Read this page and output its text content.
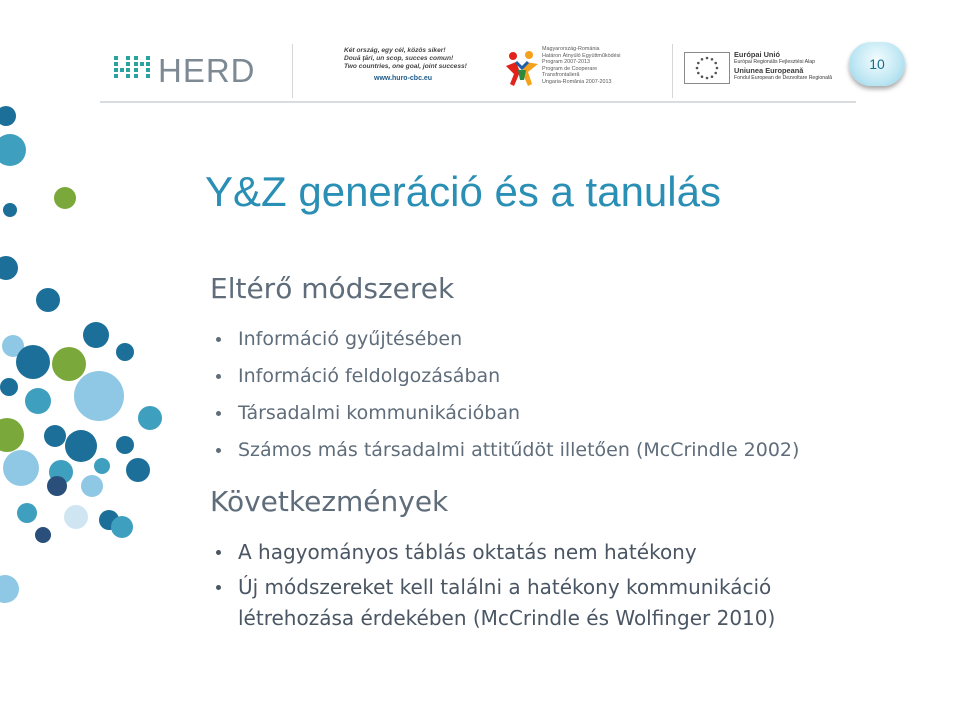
HERD
Két ország, egy cél, közös siker!
Două ţări, un scop, succes comun!
Two countries, one goal, joint success!
www.huro-cbc.eu
Magyarország-Románia
Határon Átnyúló Együttműködési
Program 2007-2013
Program de Cooperare
Transfrontalieră
Ungaria-România 2007-2013
Európai Unió
Európai Regionális Fejlesztési Alap
Uniunea Europeană
Fondul European de Dezvoltare Regională
10
Y&Z generáció és a tanulás
Eltérő módszerek
Információ gyűjtésében
Információ feldolgozásában
Társadalmi kommunikációban
Számos más társadalmi attitűdöt illetően (McCrindle 2002)
Következmények
A hagyományos táblás oktatás nem hatékony
Új módszereket kell találni a hatékony kommunikáció
létrehozása érdekében (McCrindle és Wolfinger 2010)
